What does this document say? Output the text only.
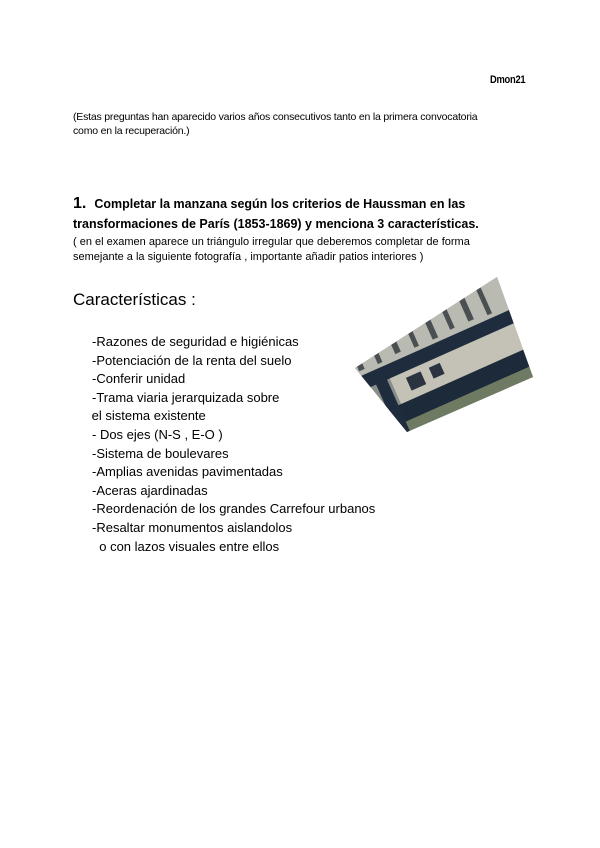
Dmon21
(Estas preguntas han aparecido varios años consecutivos tanto en la primera convocatoria
como en la recuperación.)
1. Completar la manzana según los criterios de Haussman en las
transformaciones de París (1853-1869) y menciona 3 características.
( en el examen aparece un triángulo irregular que deberemos completar de forma
semejante a la siguiente fotografía , importante añadir patios interiores )
Características :
-Razones de seguridad e higiénicas
-Potenciación de la renta del suelo
-Conferir unidad
-Trama viaria jerarquizada sobre
el sistema existente
- Dos ejes (N-S , E-O )
-Sistema de boulevares
-Amplias avenidas pavimentadas
-Aceras ajardinadas
-Reordenación de los grandes Carrefour urbanos
-Resaltar monumentos aislandolos
o con lazos visuales entre ellos
